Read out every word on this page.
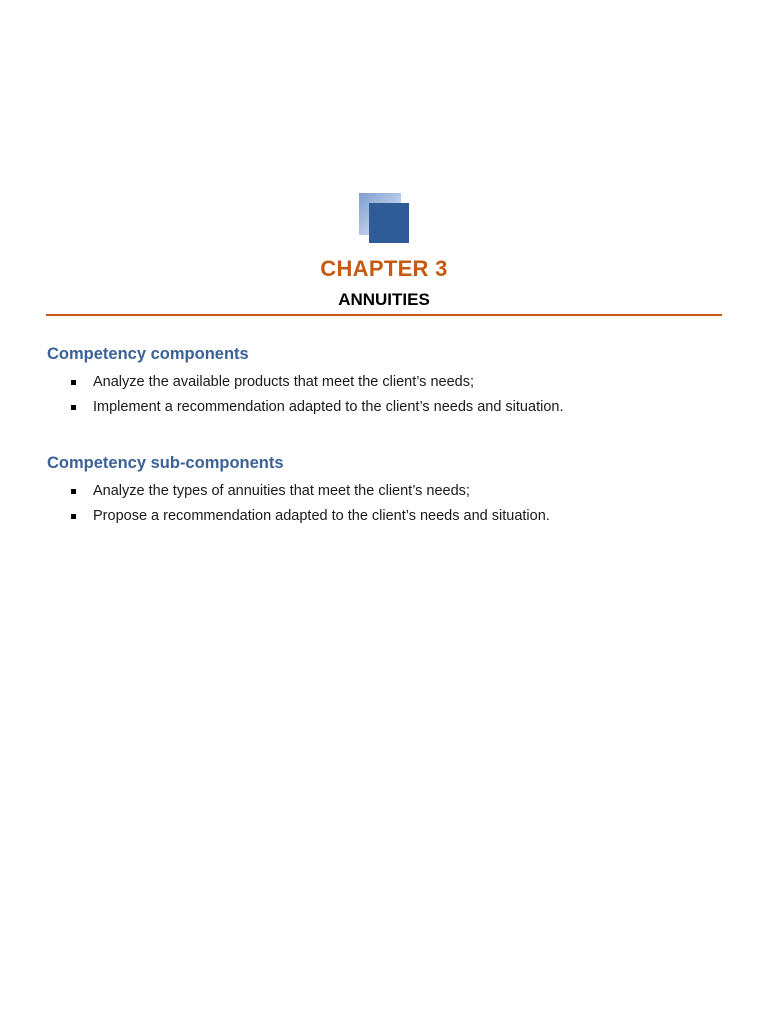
CHAPTER 3
ANNUITIES
Competency components
Analyze the available products that meet the client’s needs;
Implement a recommendation adapted to the client’s needs and situation.
Competency sub-components
Analyze the types of annuities that meet the client’s needs;
Propose a recommendation adapted to the client’s needs and situation.
